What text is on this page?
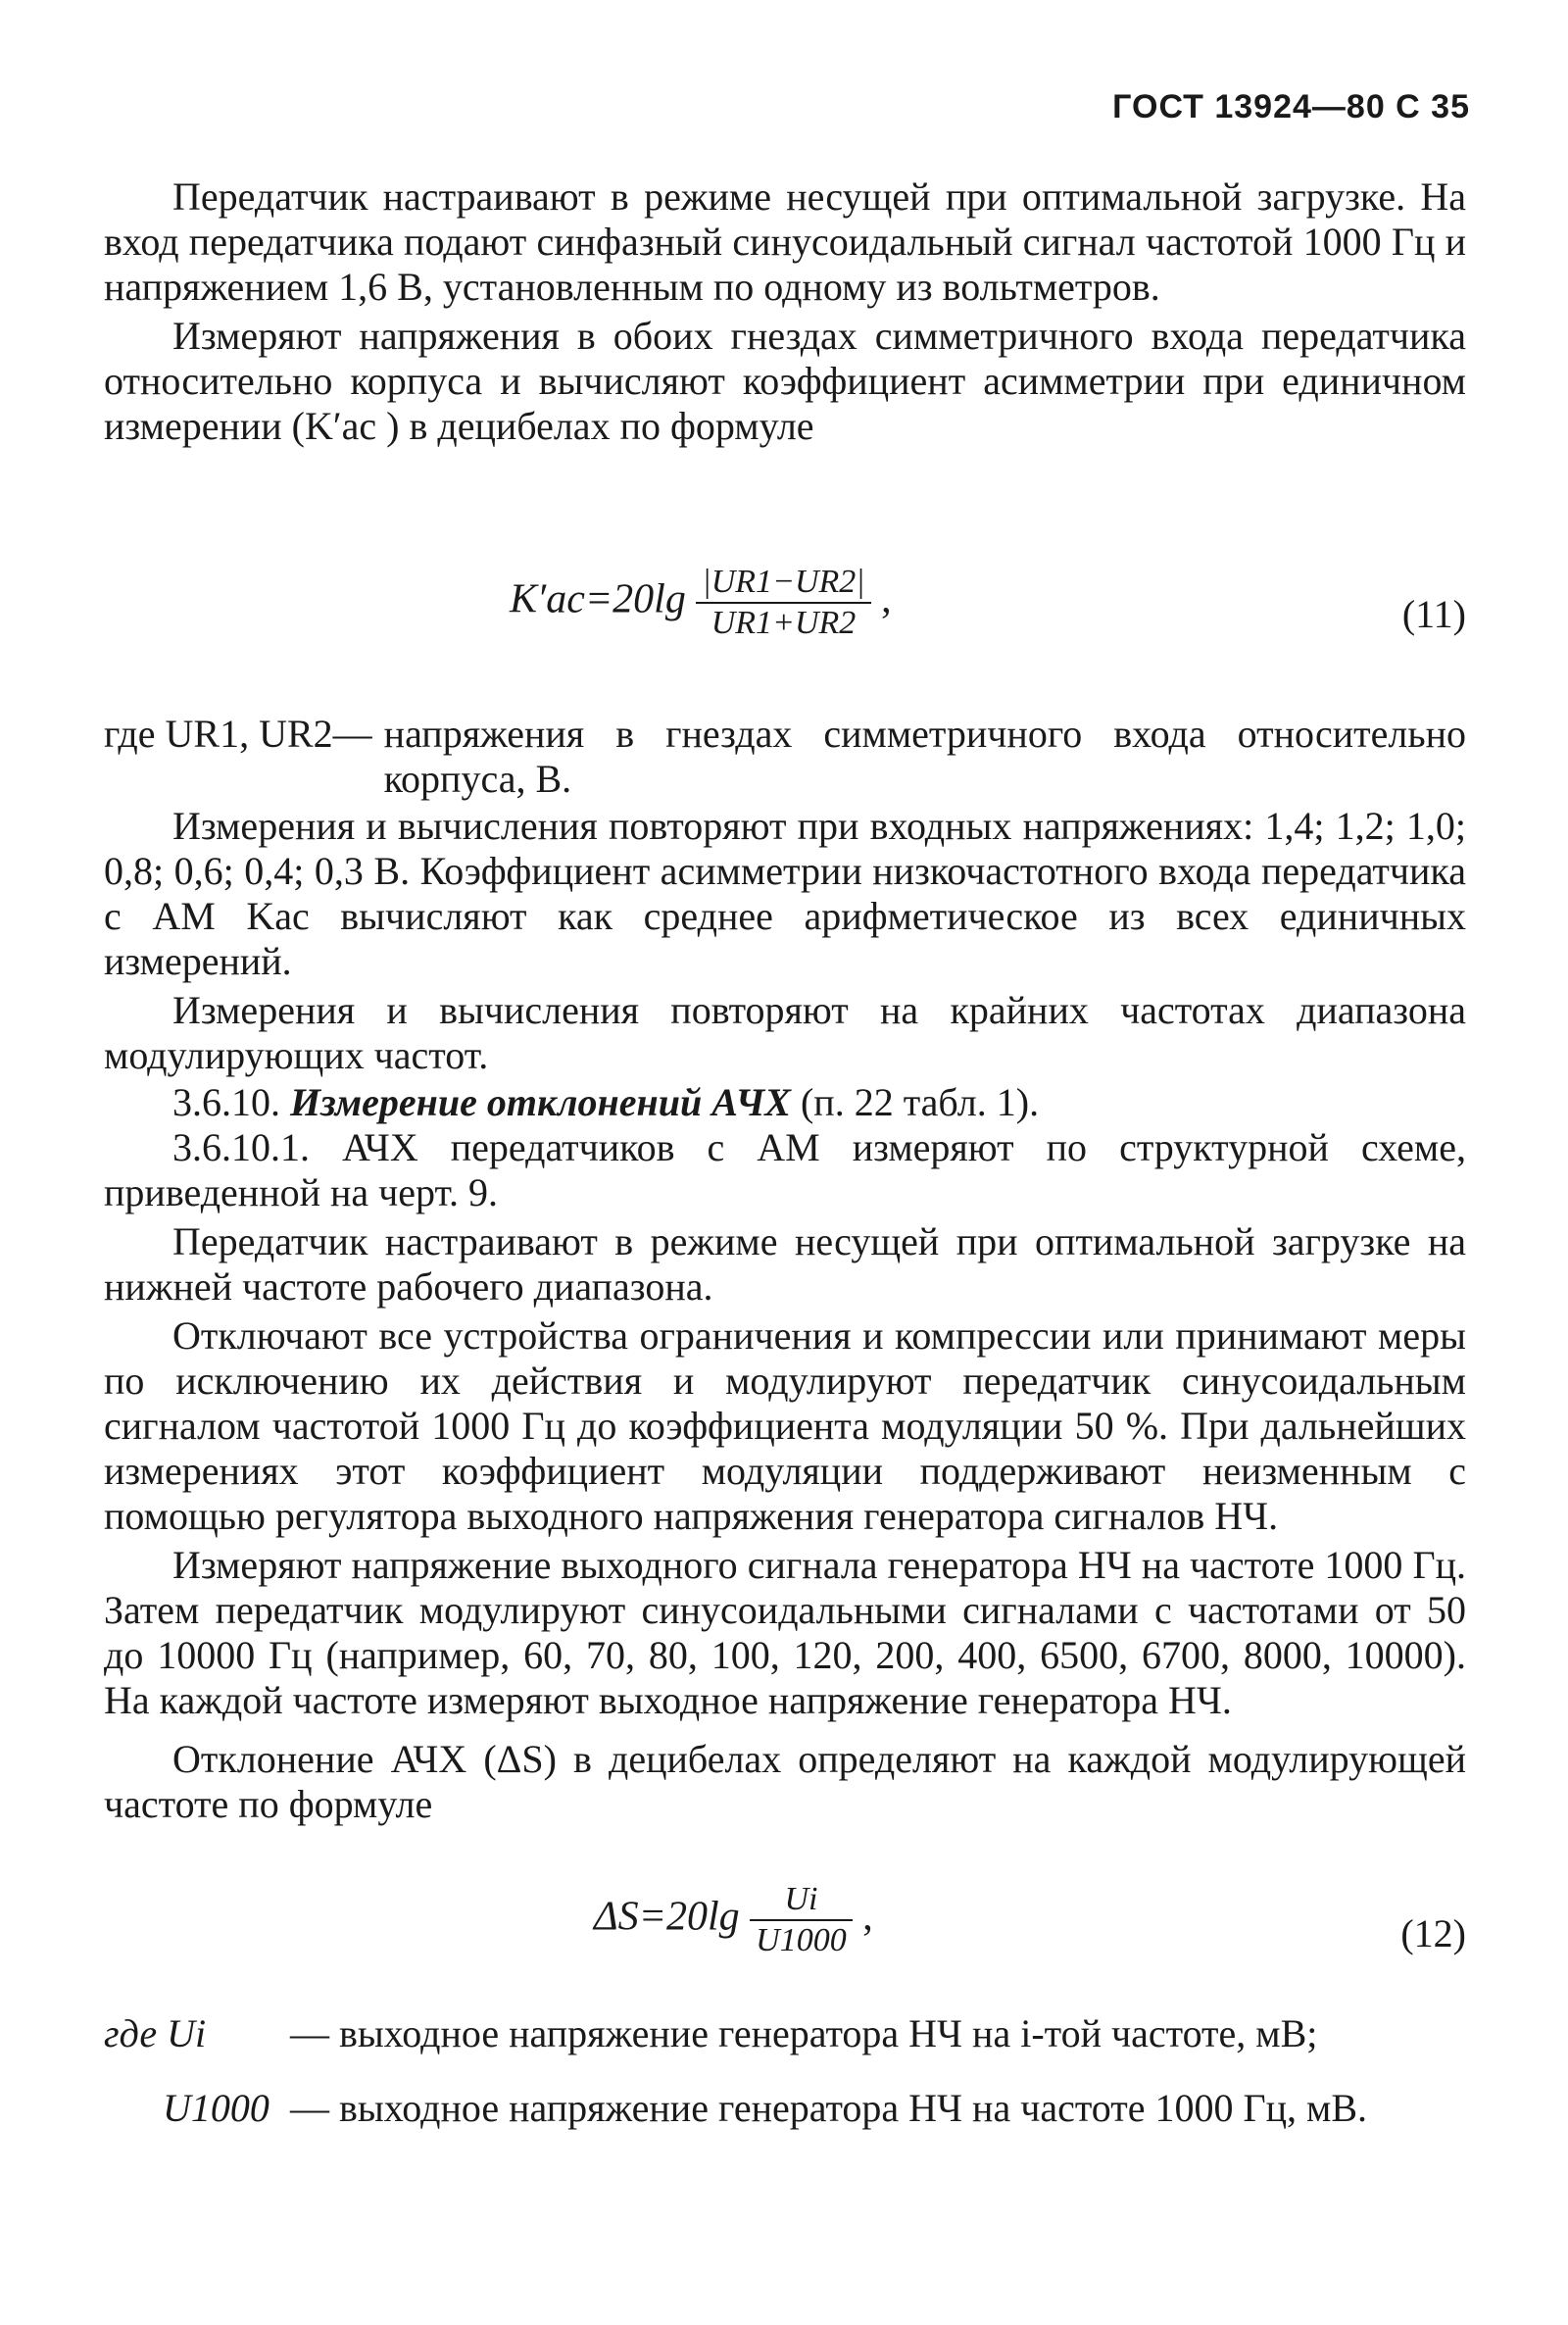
ГОСТ 13924—80 С 35

Передатчик настраивают в режиме несущей при оптимальной загрузке. На вход передатчика подают синфазный синусоидальный сигнал частотой 1000 Гц и напряжением 1,6 В, установленным по одному из вольтметров.

Измеряют напряжения в обоих гнездах симметричного входа передатчика относительно корпуса и вычисляют коэффициент асимметрии при единичном измерении (K′ac ) в децибелах по формуле

$K'ac=20\lg \frac{|UR1-UR2|}{UR1+UR2}$ ,	(11)
где UR1, UR2— напряжения в гнездах симметричного входа относительно корпуса, В.

Измерения и вычисления повторяют при входных напряжениях: 1,4; 1,2; 1,0; 0,8; 0,6; 0,4; 0,3 В. Коэффициент асимметрии низкочастотного входа передатчика с АМ Kac вычисляют как среднее арифметическое из всех единичных измерений.

Измерения и вычисления повторяют на крайних частотах диапазона модулирующих частот.

3.6.10. Измерение отклонений АЧХ (п. 22 табл. 1).

3.6.10.1. АЧХ передатчиков с АМ измеряют по структурной схеме, приведенной на черт. 9.

Передатчик настраивают в режиме несущей при оптимальной загрузке на нижней частоте рабочего диапазона.

Отключают все устройства ограничения и компрессии или принимают меры по исключению их действия и модулируют передатчик синусоидальным сигналом частотой 1000 Гц до коэффициента модуляции 50 %. При дальнейших измерениях этот коэффициент модуляции поддерживают неизменным с помощью регулятора выходного напряжения генератора сигналов НЧ.

Измеряют напряжение выходного сигнала генератора НЧ на частоте 1000 Гц. Затем передатчик модулируют синусоидальными сигналами с частотами от 50 до 10000 Гц (например, 60, 70, 80, 100, 120, 200, 400, 6500, 6700, 8000, 10000). На каждой частоте измеряют выходное напряжение генератора НЧ.

Отклонение АЧХ (ΔS) в децибелах определяют на каждой модулирующей частоте по формуле

$\Delta S=20\lg \frac{Ui}{U1000}$ ,	(12)
где Ui	— выходное напряжение генератора НЧ на i-той частоте, мВ;
U1000 — выходное напряжение генератора НЧ на частоте 1000 Гц, мВ.
